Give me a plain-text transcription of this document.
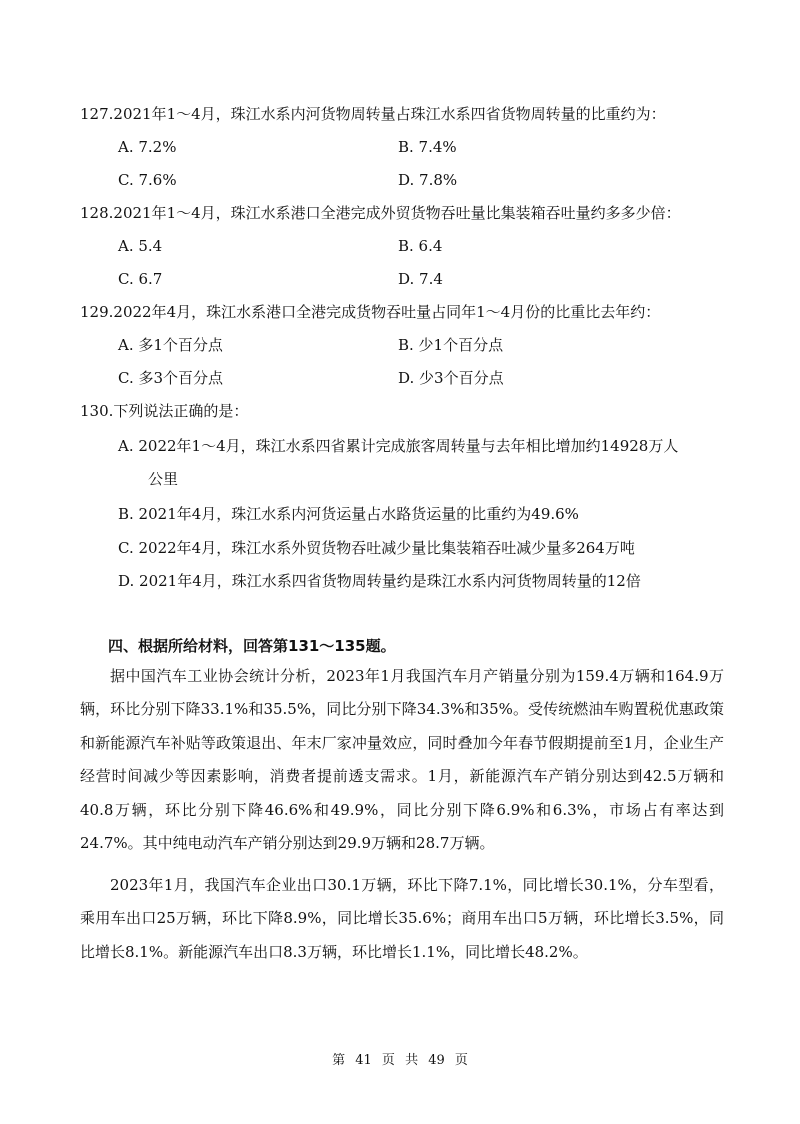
127.2021年1～4月，珠江水系内河货物周转量占珠江水系四省货物周转量的比重约为：
A. 7.2%	B. 7.4%
C. 7.6%	D. 7.8%
128.2021年1～4月，珠江水系港口全港完成外贸货物吞吐量比集装箱吞吐量约多多少倍：
A. 5.4	B. 6.4
C. 6.7	D. 7.4
129.2022年4月，珠江水系港口全港完成货物吞吐量占同年1～4月份的比重比去年约：
A. 多1个百分点	B. 少1个百分点
C. 多3个百分点	D. 少3个百分点
130.下列说法正确的是：
A. 2022年1～4月，珠江水系四省累计完成旅客周转量与去年相比增加约14928万人
公里
B. 2021年4月，珠江水系内河货运量占水路货运量的比重约为49.6%
C. 2022年4月，珠江水系外贸货物吞吐减少量比集装箱吞吐减少量多264万吨
D. 2021年4月，珠江水系四省货物周转量约是珠江水系内河货物周转量的12倍
四、根据所给材料，回答第131～135题。

据中国汽车工业协会统计分析，2023年1月我国汽车月产销量分别为159.4万辆和164.9万辆，环比分别下降33.1%和35.5%，同比分别下降34.3%和35%。受传统燃油车购置税优惠政策和新能源汽车补贴等政策退出、年末厂家冲量效应，同时叠加今年春节假期提前至1月，企业生产经营时间减少等因素影响，消费者提前透支需求。1月，新能源汽车产销分别达到42.5万辆和40.8万辆，环比分别下降46.6%和49.9%，同比分别下降6.9%和6.3%，市场占有率达到24.7%。其中纯电动汽车产销分别达到29.9万辆和28.7万辆。

2023年1月，我国汽车企业出口30.1万辆，环比下降7.1%，同比增长30.1%，分车型看，乘用车出口25万辆，环比下降8.9%，同比增长35.6%；商用车出口5万辆，环比增长3.5%，同比增长8.1%。新能源汽车出口8.3万辆，环比增长1.1%，同比增长48.2%。

第 41 页 共 49 页
